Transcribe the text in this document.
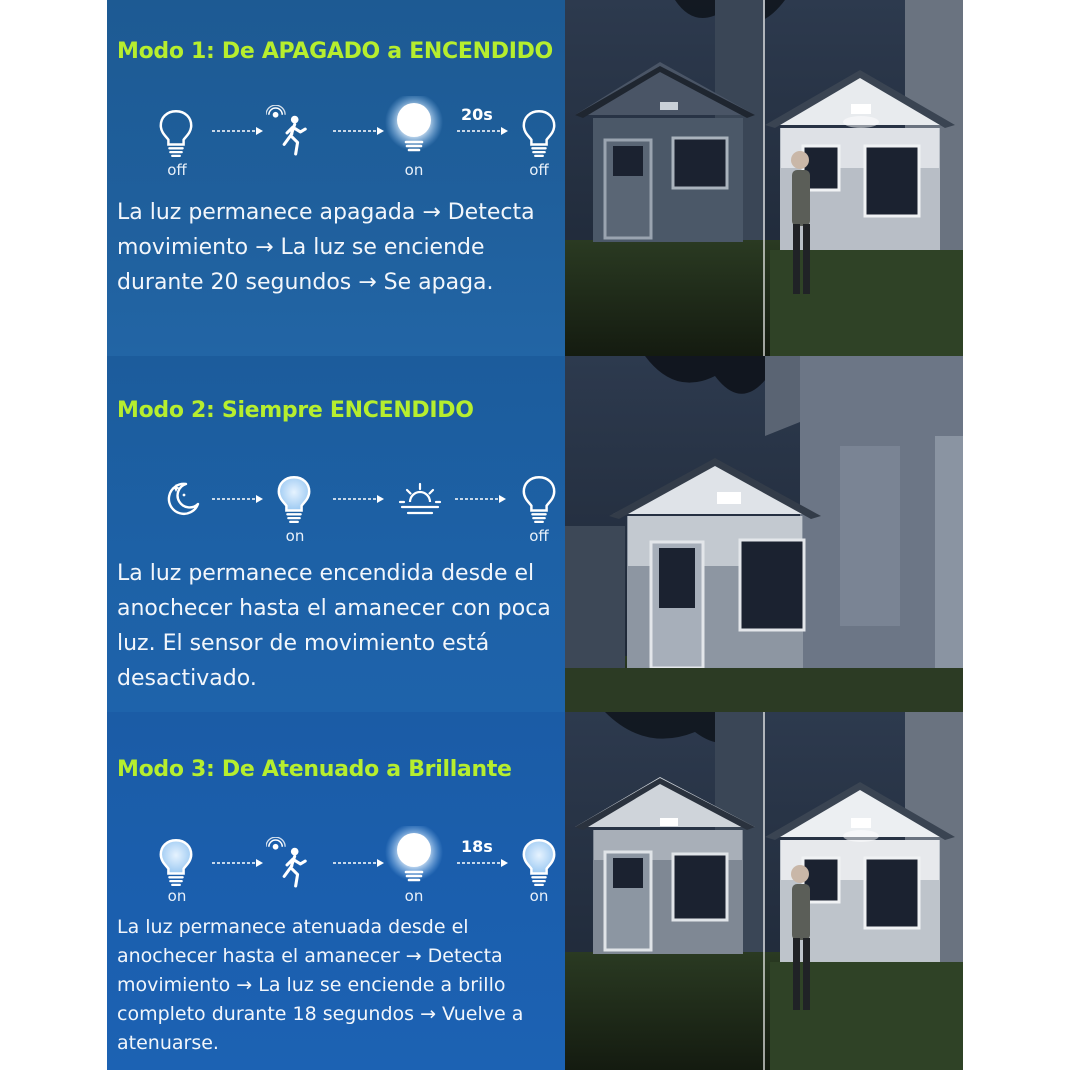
Modo 1: De APAGADO a ENCENDIDO
off	on
20s
off
La luz permanece apagada → Detecta movimiento → La luz se enciende durante 20 segundos → Se apaga.
Modo 2: Siempre ENCENDIDO
on	off
La luz permanece encendida desde el anochecer hasta el amanecer con poca luz. El sensor de movimiento está desactivado.
Modo 3: De Atenuado a Brillante
on	on
18s
on
La luz permanece atenuada desde el anochecer hasta el amanecer → Detecta movimiento → La luz se enciende a brillo completo durante 18 segundos → Vuelve a atenuarse.
